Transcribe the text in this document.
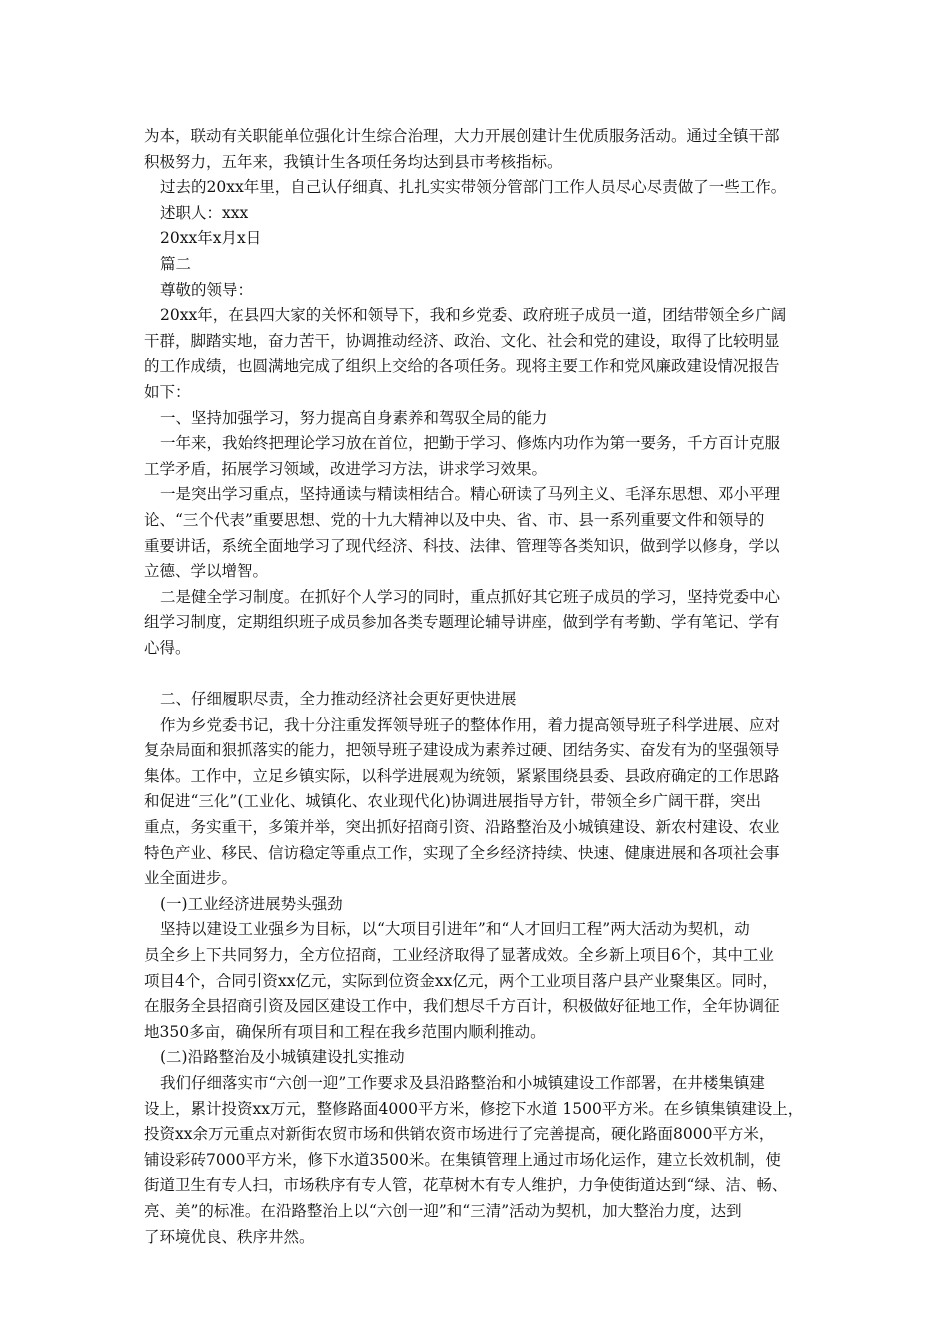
为本，联动有关职能单位强化计生综合治理，大力开展创建计生优质服务活动。通过全镇干部
积极努力，五年来，我镇计生各项任务均达到县市考核指标。
过去的20xx年里，自己认仔细真、扎扎实实带领分管部门工作人员尽心尽责做了一些工作。
述职人：xxx
20xx年x月x日
篇二
尊敬的领导：
20xx年，在县四大家的关怀和领导下，我和乡党委、政府班子成员一道，团结带领全乡广阔
干群，脚踏实地，奋力苦干，协调推动经济、政治、文化、社会和党的建设，取得了比较明显
的工作成绩，也圆满地完成了组织上交给的各项任务。现将主要工作和党风廉政建设情况报告
如下：
一、坚持加强学习，努力提高自身素养和驾驭全局的能力
一年来，我始终把理论学习放在首位，把勤于学习、修炼内功作为第一要务，千方百计克服
工学矛盾，拓展学习领域，改进学习方法，讲求学习效果。
一是突出学习重点，坚持通读与精读相结合。精心研读了马列主义、毛泽东思想、邓小平理
论、“三个代表”重要思想、党的十九大精神以及中央、省、市、县一系列重要文件和领导的
重要讲话，系统全面地学习了现代经济、科技、法律、管理等各类知识，做到学以修身，学以
立德、学以增智。
二是健全学习制度。在抓好个人学习的同时，重点抓好其它班子成员的学习，坚持党委中心
组学习制度，定期组织班子成员参加各类专题理论辅导讲座，做到学有考勤、学有笔记、学有
心得。
二、仔细履职尽责，全力推动经济社会更好更快进展
作为乡党委书记，我十分注重发挥领导班子的整体作用，着力提高领导班子科学进展、应对
复杂局面和狠抓落实的能力，把领导班子建设成为素养过硬、团结务实、奋发有为的坚强领导
集体。工作中，立足乡镇实际，以科学进展观为统领，紧紧围绕县委、县政府确定的工作思路
和促进“三化”(工业化、城镇化、农业现代化)协调进展指导方针，带领全乡广阔干群，突出
重点，务实重干，多策并举，突出抓好招商引资、沿路整治及小城镇建设、新农村建设、农业
特色产业、移民、信访稳定等重点工作，实现了全乡经济持续、快速、健康进展和各项社会事
业全面进步。
(一)工业经济进展势头强劲
坚持以建设工业强乡为目标，以“大项目引进年”和“人才回归工程”两大活动为契机，动
员全乡上下共同努力，全方位招商，工业经济取得了显著成效。全乡新上项目6个，其中工业
项目4个，合同引资xx亿元，实际到位资金xx亿元，两个工业项目落户县产业聚集区。同时，
在服务全县招商引资及园区建设工作中，我们想尽千方百计，积极做好征地工作，全年协调征
地350多亩，确保所有项目和工程在我乡范围内顺利推动。
(二)沿路整治及小城镇建设扎实推动
我们仔细落实市“六创一迎”工作要求及县沿路整治和小城镇建设工作部署，在井楼集镇建
设上，累计投资xx万元，整修路面4000平方米，修挖下水道 1500平方米。在乡镇集镇建设上，
投资xx余万元重点对新街农贸市场和供销农资市场进行了完善提高，硬化路面8000平方米，
铺设彩砖7000平方米，修下水道3500米。在集镇管理上通过市场化运作，建立长效机制，使
街道卫生有专人扫，市场秩序有专人管，花草树木有专人维护，力争使街道达到“绿、洁、畅、
亮、美”的标准。在沿路整治上以“六创一迎”和“三清”活动为契机，加大整治力度，达到
了环境优良、秩序井然。
